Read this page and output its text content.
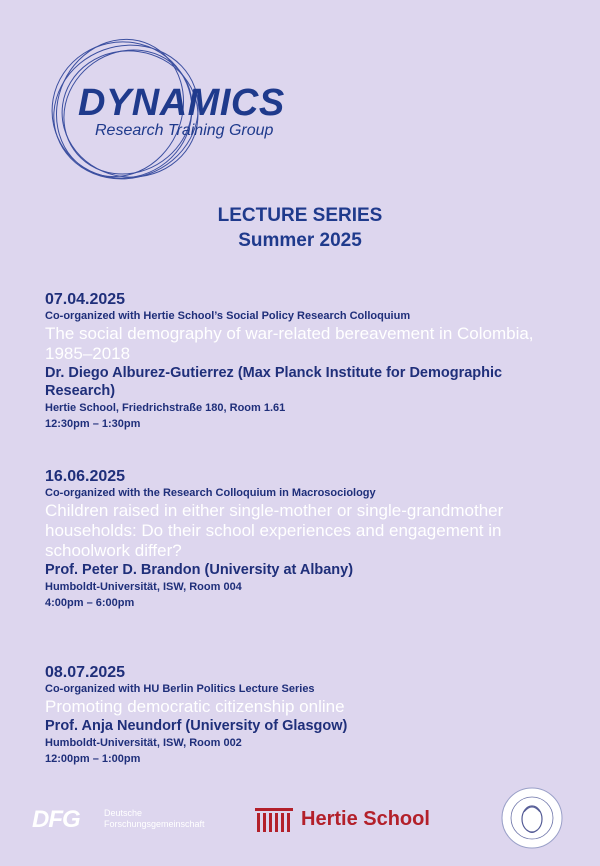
DYNAMICS

Research Training Group

LECTURE SERIES
Summer 2025
07.04.2025
Co-organized with Hertie School’s Social Policy Research Colloquium
The social demography of war-related bereavement in Colombia, 1985–2018
Dr. Diego Alburez-Gutierrez (Max Planck Institute for Demographic Research)
Hertie School, Friedrichstraße 180, Room 1.61
12:30pm – 1:30pm
16.06.2025
Co-organized with the Research Colloquium in Macrosociology
Children raised in either single-mother or single-grandmother households: Do their school experiences and engagement in schoolwork differ?
Prof. Peter D. Brandon (University at Albany)
Humboldt-Universität, ISW, Room 004
4:00pm – 6:00pm
08.07.2025
Co-organized with HU Berlin Politics Lecture Series
Promoting democratic citizenship online
Prof. Anja Neundorf (University of Glasgow)
Humboldt-Universität, ISW, Room 002
12:00pm – 1:00pm
DFG	Deutsche
Forschungsgemeinschaft	Hertie School
